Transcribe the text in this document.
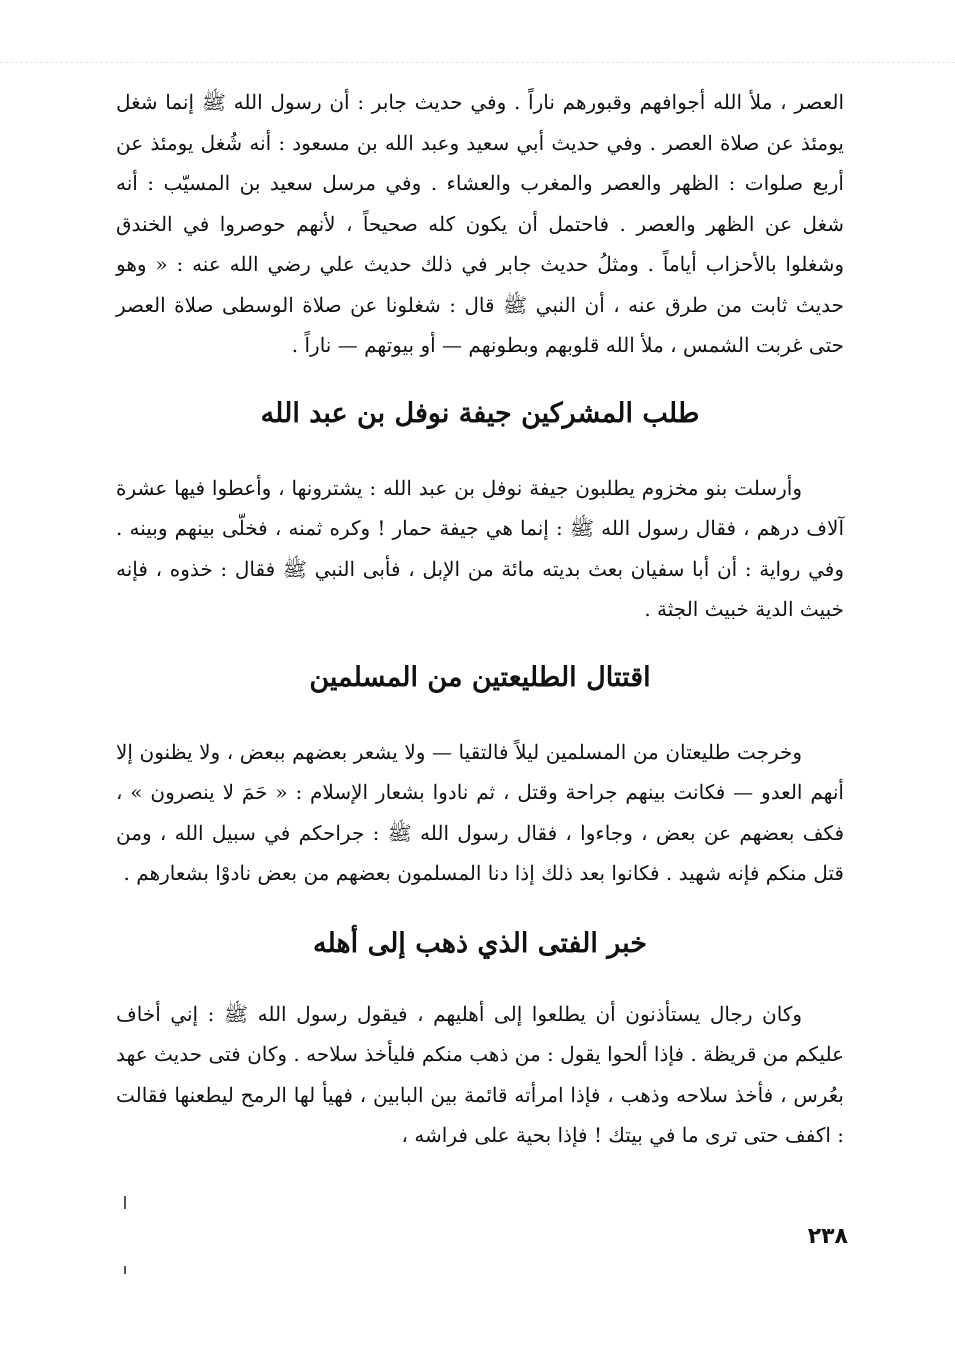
العصر ، ملأ الله أجوافهم وقبورهم ناراً . وفي حديث جابر : أن رسول الله ﷺ إنما شغل يومئذ عن صلاة العصر . وفي حديث أبي سعيد وعبد الله بن مسعود : أنه شُغل يومئذ عن أربع صلوات : الظهر والعصر والمغرب والعشاء . وفي مرسل سعيد بن المسيّب : أنه شغل عن الظهر والعصر . فاحتمل أن يكون كله صحيحاً ، لأنهم حوصروا في الخندق وشغلوا بالأحزاب أياماً . ومثلُ حديث جابر في ذلك حديث علي رضي الله عنه : « وهو حديث ثابت من طرق عنه ، أن النبي ﷺ قال : شغلونا عن صلاة الوسطى صلاة العصر حتى غربت الشمس ، ملأ الله قلوبهم وبطونهم — أو بيوتهم — ناراً .

طلب المشركين جيفة نوفل بن عبد الله

وأرسلت بنو مخزوم يطلبون جيفة نوفل بن عبد الله : يشترونها ، وأعطوا فيها عشرة آلاف درهم ، فقال رسول الله ﷺ : إنما هي جيفة حمار ! وكره ثمنه ، فخلّى بينهم وبينه . وفي رواية : أن أبا سفيان بعث بديته مائة من الإبل ، فأبى النبي ﷺ فقال : خذوه ، فإنه خبيث الدية خبيث الجثة .

اقتتال الطليعتين من المسلمين

وخرجت طليعتان من المسلمين ليلاً فالتقيا — ولا يشعر بعضهم ببعض ، ولا يظنون إلا أنهم العدو — فكانت بينهم جراحة وقتل ، ثم نادوا بشعار الإسلام : « حَمَ لا ينصرون » ، فكف بعضهم عن بعض ، وجاءوا ، فقال رسول الله ﷺ : جراحكم في سبيل الله ، ومن قتل منكم فإنه شهيد . فكانوا بعد ذلك إذا دنا المسلمون بعضهم من بعض نادوْا بشعارهم .

خبر الفتى الذي ذهب إلى أهله

وكان رجال يستأذنون أن يطلعوا إلى أهليهم ، فيقول رسول الله ﷺ : إني أخاف عليكم من قريظة . فإذا ألحوا يقول : من ذهب منكم فليأخذ سلاحه . وكان فتى حديث عهد بعُرس ، فأخذ سلاحه وذهب ، فإذا امرأته قائمة بين البابين ، فهيأ لها الرمح ليطعنها فقالت : اكفف حتى ترى ما في بيتك ! فإذا بحية على فراشه ،

٢٣٨
